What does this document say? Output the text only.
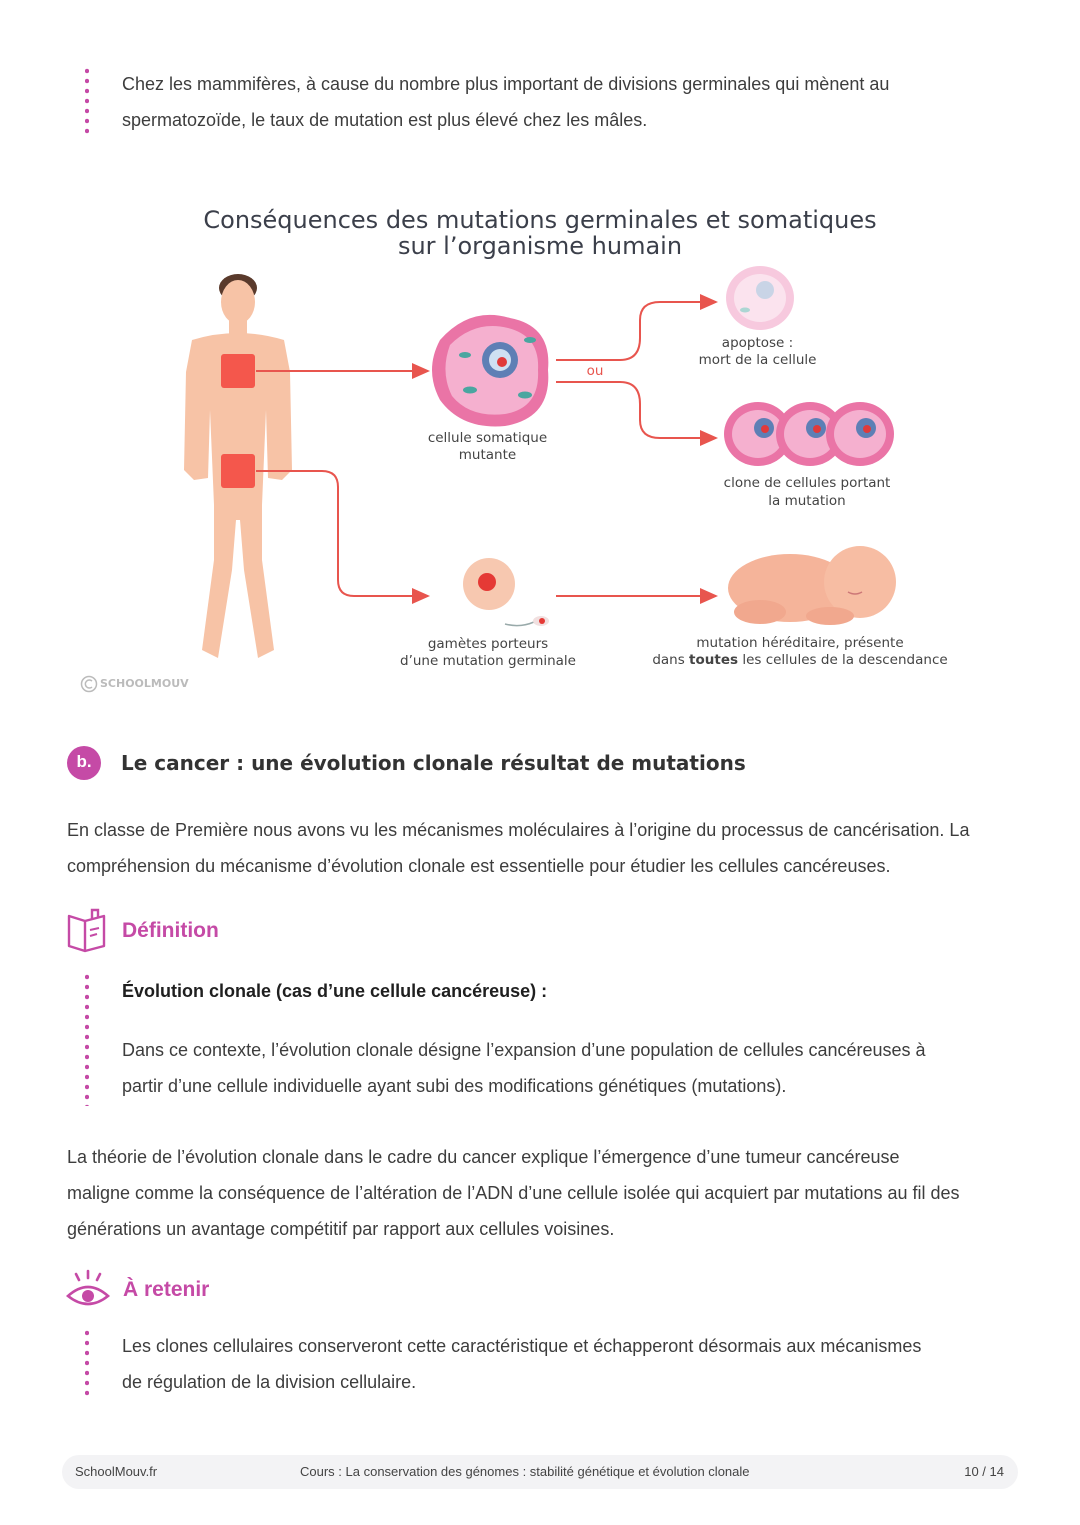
Chez les mammifères, à cause du nombre plus important de divisions germinales qui mènent au
spermatozoïde, le taux de mutation est plus élevé chez les mâles.
Conséquences des mutations germinales et somatiques
sur l’organisme humain
ou
cellule somatique
mutante
apoptose :
mort de la cellule
clone de cellules portant
la mutation
gamètes porteurs
d’une mutation germinale
mutation héréditaire, présente
dans toutes les cellules de la descendance
SCHOOLMOUV
b.	Le cancer : une évolution clonale résultat de mutations
En classe de Première nous avons vu les mécanismes moléculaires à l’origine du processus de cancérisation. La
compréhension du mécanisme d’évolution clonale est essentielle pour étudier les cellules cancéreuses.
Définition
Évolution clonale (cas d’une cellule cancéreuse) :
Dans ce contexte, l’évolution clonale désigne l’expansion d’une population de cellules cancéreuses à
partir d’une cellule individuelle ayant subi des modifications génétiques (mutations).
La théorie de l’évolution clonale dans le cadre du cancer explique l’émergence d’une tumeur cancéreuse
maligne comme la conséquence de l’altération de l’ADN d’une cellule isolée qui acquiert par mutations au fil des
générations un avantage compétitif par rapport aux cellules voisines.
À retenir
Les clones cellulaires conserveront cette caractéristique et échapperont désormais aux mécanismes
de régulation de la division cellulaire.
SchoolMouv.fr	Cours : La conservation des génomes : stabilité génétique et évolution clonale	10 / 14
